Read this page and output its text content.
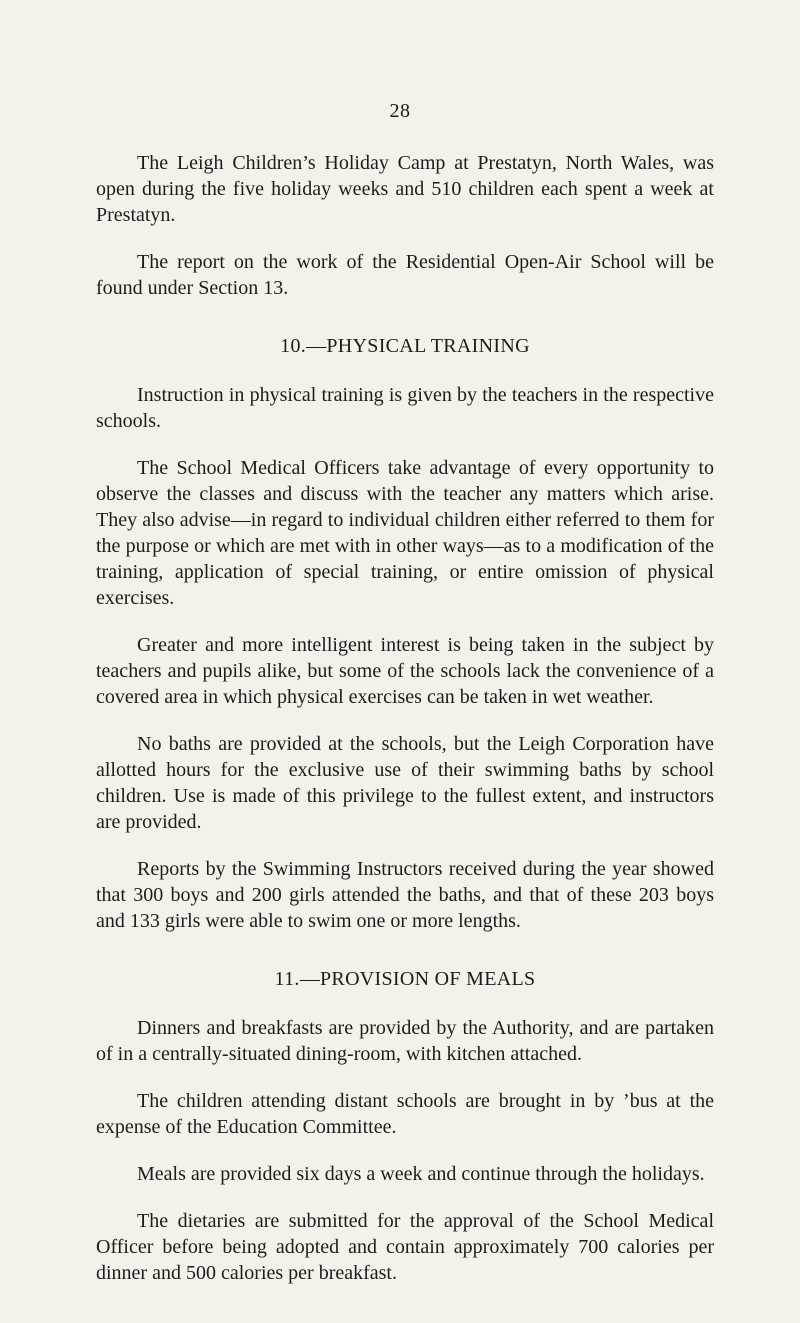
28

The Leigh Children’s Holiday Camp at Prestatyn, North Wales, was open during the five holiday weeks and 510 children each spent a week at Prestatyn.

The report on the work of the Residential Open-Air School will be found under Section 13.

10.—PHYSICAL TRAINING

Instruction in physical training is given by the teachers in the respective schools.

The School Medical Officers take advantage of every opportunity to observe the classes and discuss with the teacher any matters which arise. They also advise—in regard to individual children either referred to them for the purpose or which are met with in other ways—as to a modification of the training, application of special training, or entire omission of physical exercises.

Greater and more intelligent interest is being taken in the subject by teachers and pupils alike, but some of the schools lack the convenience of a covered area in which physical exercises can be taken in wet weather.

No baths are provided at the schools, but the Leigh Corporation have allotted hours for the exclusive use of their swimming baths by school children. Use is made of this privilege to the fullest extent, and instructors are provided.

Reports by the Swimming Instructors received during the year showed that 300 boys and 200 girls attended the baths, and that of these 203 boys and 133 girls were able to swim one or more lengths.

11.—PROVISION OF MEALS

Dinners and breakfasts are provided by the Authority, and are partaken of in a centrally-situated dining-room, with kitchen attached.

The children attending distant schools are brought in by ’bus at the expense of the Education Committee.

Meals are provided six days a week and continue through the holidays.

The dietaries are submitted for the approval of the School Medical Officer before being adopted and contain approximately 700 calories per dinner and 500 calories per breakfast.
